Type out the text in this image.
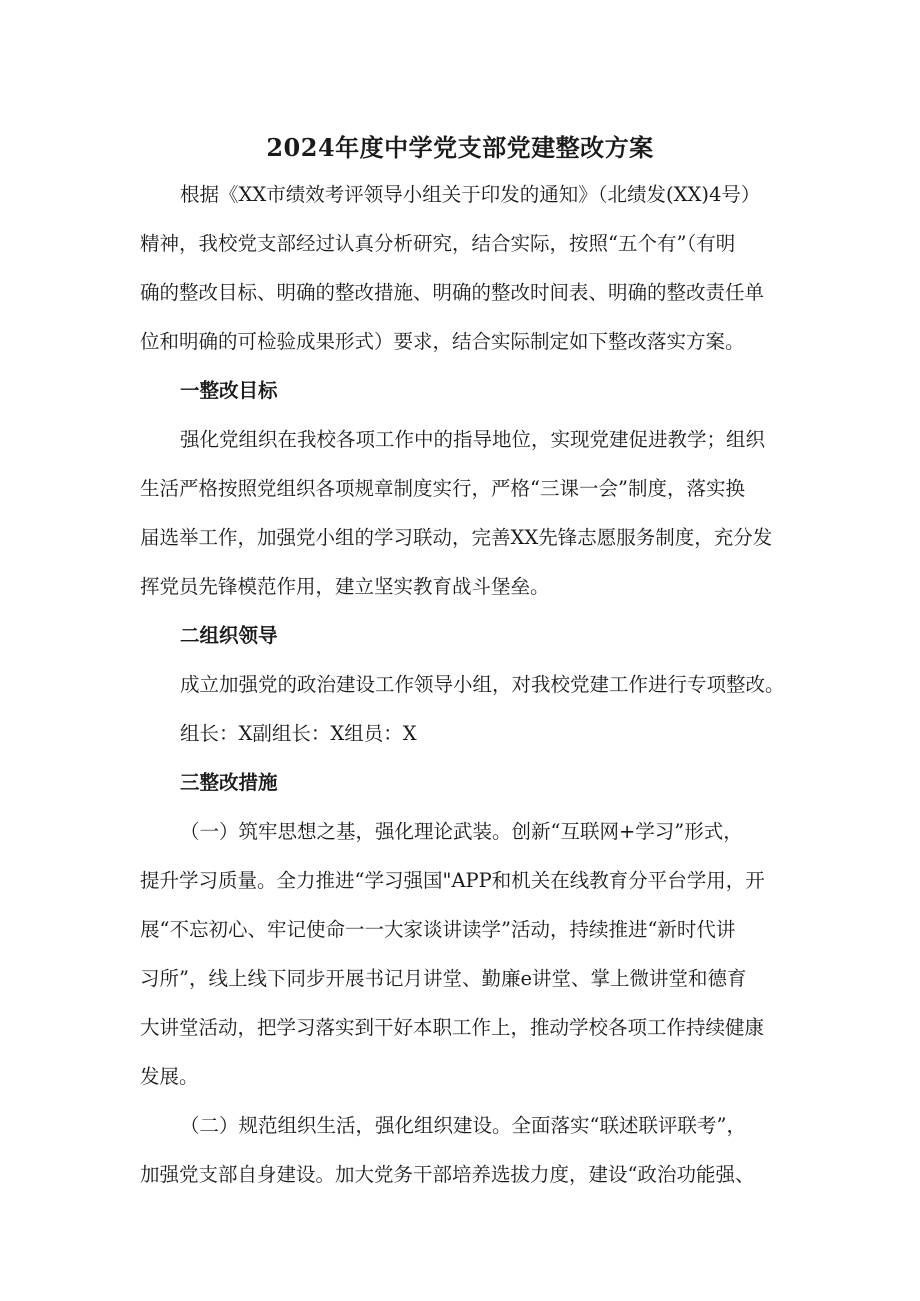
2024年度中学党支部党建整改方案
根据《XX市绩效考评领导小组关于印发的通知》（北绩发(XX)4号）
精神，我校党支部经过认真分析研究，结合实际，按照“五个有”（有明
确的整改目标、明确的整改措施、明确的整改时间表、明确的整改责任单
位和明确的可检验成果形式）要求，结合实际制定如下整改落实方案。
一整改目标
强化党组织在我校各项工作中的指导地位，实现党建促进教学；组织
生活严格按照党组织各项规章制度实行，严格“三课一会”制度，落实换
届选举工作，加强党小组的学习联动，完善XX先锋志愿服务制度，充分发
挥党员先锋模范作用，建立坚实教育战斗堡垒。
二组织领导
成立加强党的政治建设工作领导小组，对我校党建工作进行专项整改。
组长：X副组长：X组员：X
三整改措施
（一）筑牢思想之基，强化理论武装。创新“互联网+学习”形式，
提升学习质量。全力推进“学习强国"APP和机关在线教育分平台学用，开
展“不忘初心、牢记使命一一大家谈讲读学”活动，持续推进“新时代讲
习所”，线上线下同步开展书记月讲堂、勤廉e讲堂、掌上微讲堂和德育
大讲堂活动，把学习落实到干好本职工作上，推动学校各项工作持续健康
发展。
（二）规范组织生活，强化组织建设。全面落实“联述联评联考”，
加强党支部自身建设。加大党务干部培养选拔力度，建设“政治功能强、
